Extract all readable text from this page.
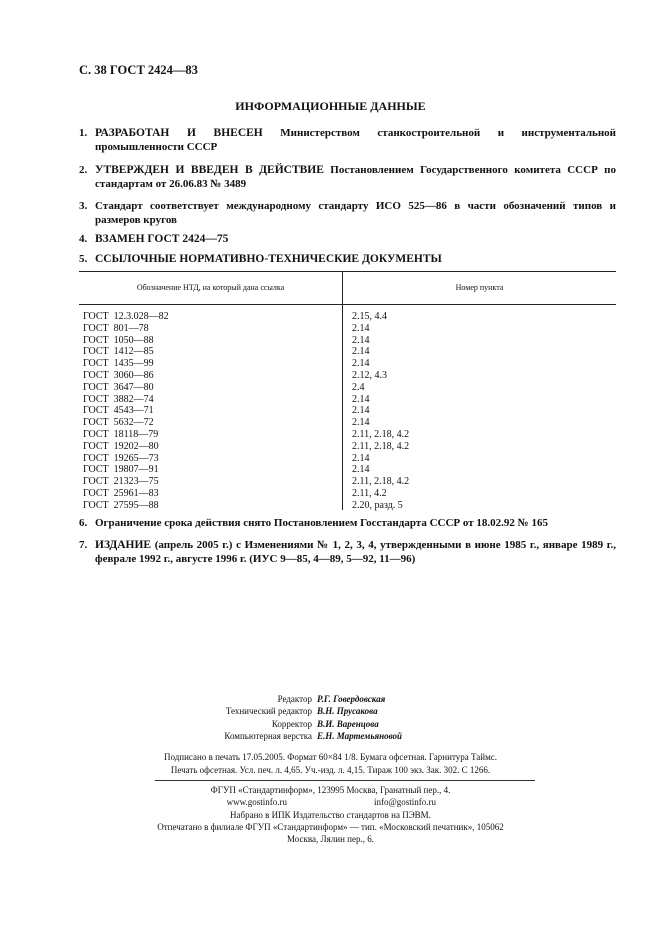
С. 38 ГОСТ 2424—83
ИНФОРМАЦИОННЫЕ ДАННЫЕ
1. РАЗРАБОТАН И ВНЕСЕН Министерством станкостроительной и инструментальной промышленности СССР
2. УТВЕРЖДЕН И ВВЕДЕН В ДЕЙСТВИЕ Постановлением Государственного комитета СССР по стандартам от 26.06.83 № 3489
3. Стандарт соответствует международному стандарту ИСО 525—86 в части обозначений типов и размеров кругов
4. ВЗАМЕН ГОСТ 2424—75
5. ССЫЛОЧНЫЕ НОРМАТИВНО-ТЕХНИЧЕСКИЕ ДОКУМЕНТЫ
Обозначение НТД, на который дана ссылка	Номер пункта
ГОСТ  12.3.028—82	2.15, 4.4
ГОСТ  801—78	2.14
ГОСТ  1050—88	2.14
ГОСТ  1412—85	2.14
ГОСТ  1435—99	2.14
ГОСТ  3060—86	2.12, 4.3
ГОСТ  3647—80	2.4
ГОСТ  3882—74	2.14
ГОСТ  4543—71	2.14
ГОСТ  5632—72	2.14
ГОСТ  18118—79	2.11, 2.18, 4.2
ГОСТ  19202—80	2.11, 2.18, 4.2
ГОСТ  19265—73	2.14
ГОСТ  19807—91	2.14
ГОСТ  21323—75	2.11, 2.18, 4.2
ГОСТ  25961—83	2.11, 4.2
ГОСТ  27595—88	2.20, разд. 5
6. Ограничение срока действия снято Постановлением Госстандарта СССР от 18.02.92 № 165
7. ИЗДАНИЕ (апрель 2005 г.) с Изменениями № 1, 2, 3, 4, утвержденными в июне 1985 г., январе 1989 г., феврале 1992 г., августе 1996 г. (ИУС 9—85, 4—89, 5—92, 11—96)
Редактор Р.Г. Говердовская
Технический редактор В.Н. Прусакова
Корректор В.И. Варенцова
Компьютерная верстка Е.Н. Мартемьяновой
Подписано в печать 17.05.2005. Формат 60×84 1/8. Бумага офсетная. Гарнитура Таймс.
Печать офсетная. Усл. печ. л. 4,65. Уч.-изд. л. 4,15. Тираж 100 экз. Зак. 302. С 1266.
ФГУП «Стандартинформ», 123995 Москва, Гранатный пер., 4.
www.gostinfo.ru	info@gostinfo.ru
Набрано в ИПК Издательство стандартов на ПЭВМ.
Отпечатано в филиале ФГУП «Стандартинформ» — тип. «Московский печатник», 105062
Москва, Лялин пер., 6.
